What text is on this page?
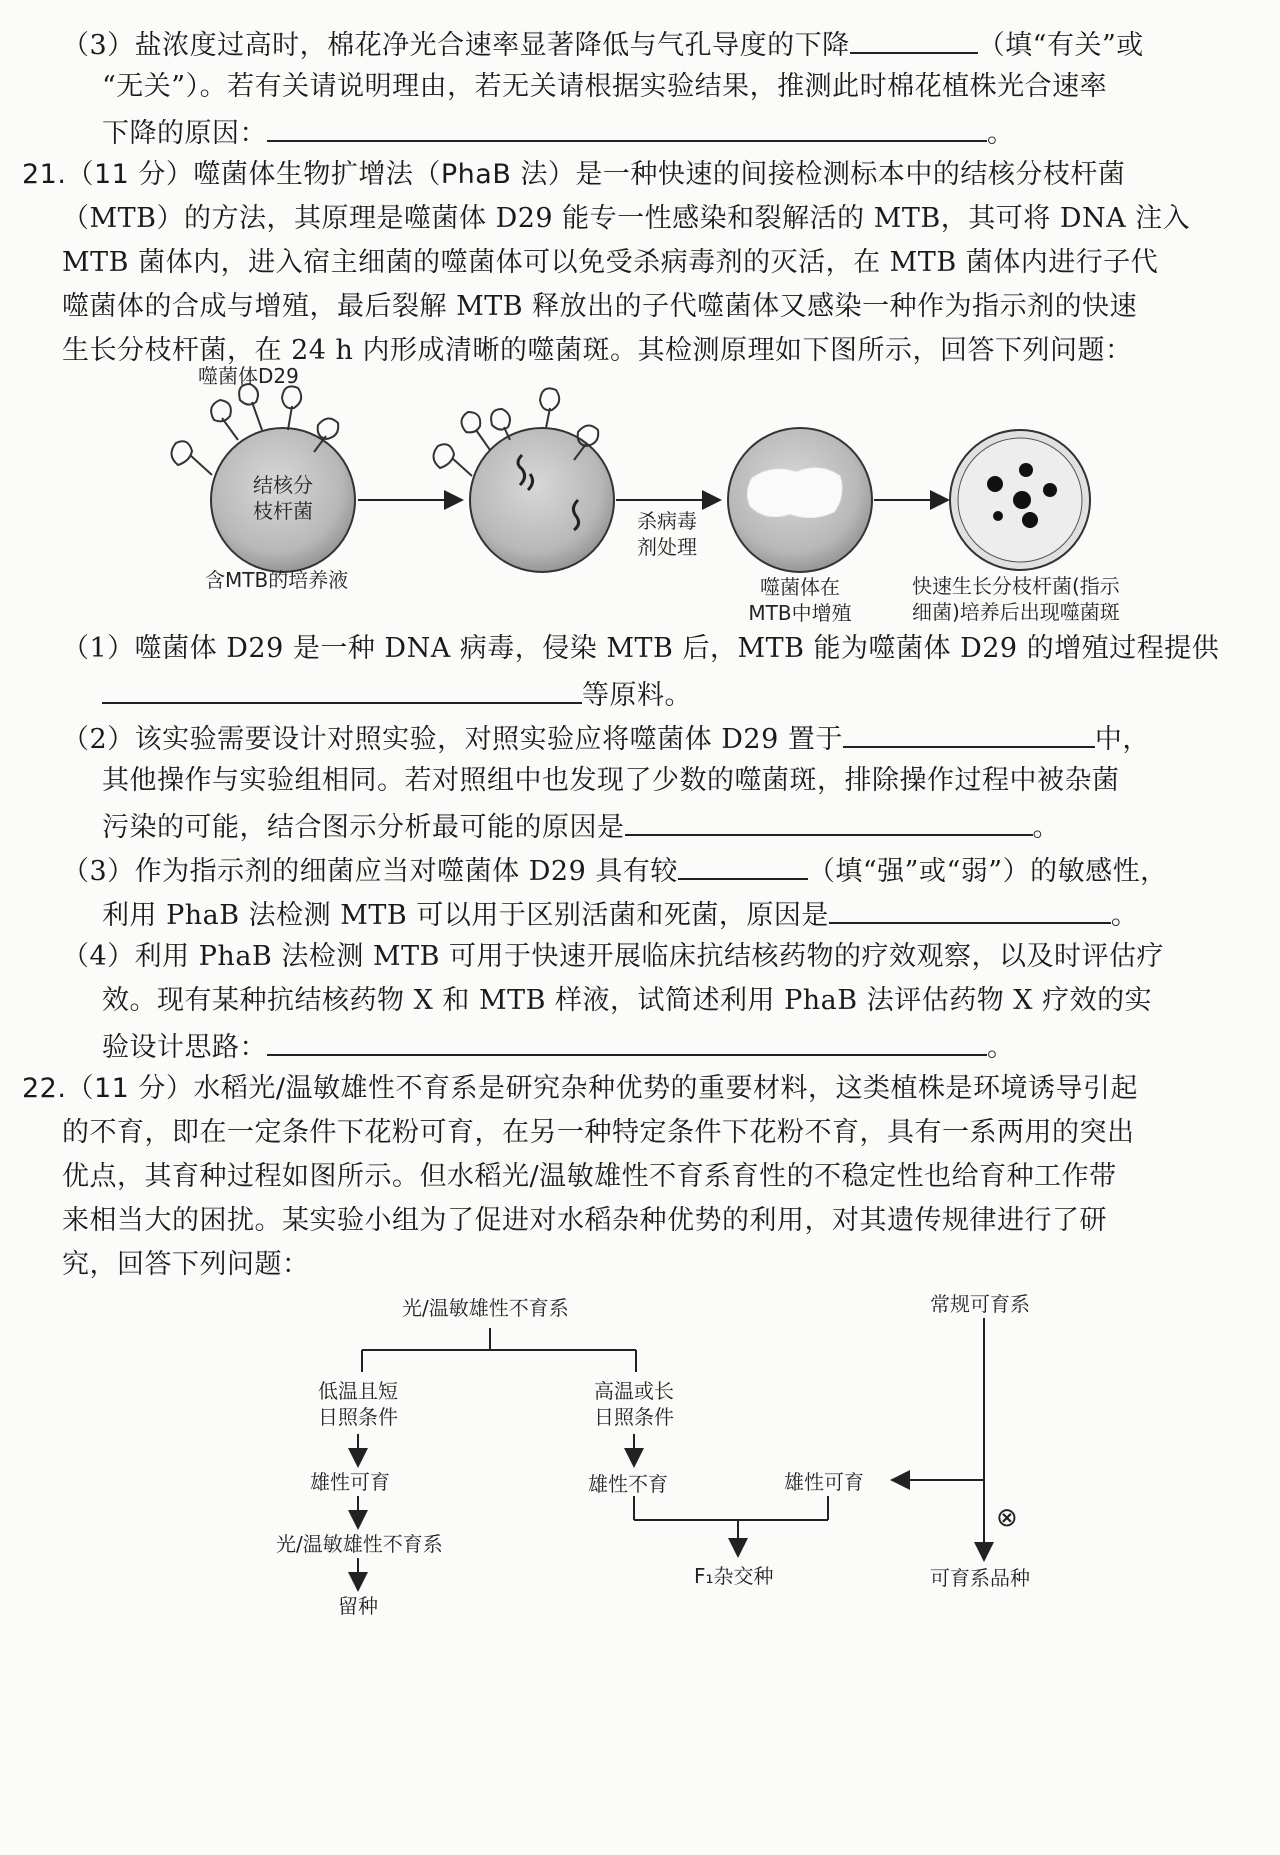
（3）盐浓度过高时，棉花净光合速率显著降低与气孔导度的下降	（填“有关”或
“无关”）。若有关请说明理由，若无关请根据实验结果，推测此时棉花植株光合速率
下降的原因：	。
21.（11 分）噬菌体生物扩增法（PhaB 法）是一种快速的间接检测标本中的结核分枝杆菌
（MTB）的方法，其原理是噬菌体 D29 能专一性感染和裂解活的 MTB，其可将 DNA 注入
MTB 菌体内，进入宿主细菌的噬菌体可以免受杀病毒剂的灭活，在 MTB 菌体内进行子代
噬菌体的合成与增殖，最后裂解 MTB 释放出的子代噬菌体又感染一种作为指示剂的快速
生长分枝杆菌，在 24 h 内形成清晰的噬菌斑。其检测原理如下图所示，回答下列问题：
噬菌体D29
结核分
枝杆菌
含MTB的培养液
杀病毒
剂处理
噬菌体在
MTB中增殖
快速生长分枝杆菌(指示
细菌)培养后出现噬菌斑
（1）噬菌体 D29 是一种 DNA 病毒，侵染 MTB 后，MTB 能为噬菌体 D29 的增殖过程提供
等原料。
（2）该实验需要设计对照实验，对照实验应将噬菌体 D29 置于	中，
其他操作与实验组相同。若对照组中也发现了少数的噬菌斑，排除操作过程中被杂菌
污染的可能，结合图示分析最可能的原因是	。
（3）作为指示剂的细菌应当对噬菌体 D29 具有较	（填“强”或“弱”）的敏感性，
利用 PhaB 法检测 MTB 可以用于区别活菌和死菌，原因是	。
（4）利用 PhaB 法检测 MTB 可用于快速开展临床抗结核药物的疗效观察，以及时评估疗
效。现有某种抗结核药物 X 和 MTB 样液，试简述利用 PhaB 法评估药物 X 疗效的实
验设计思路：	。
22.（11 分）水稻光/温敏雄性不育系是研究杂种优势的重要材料，这类植株是环境诱导引起
的不育，即在一定条件下花粉可育，在另一种特定条件下花粉不育，具有一系两用的突出
优点，其育种过程如图所示。但水稻光/温敏雄性不育系育性的不稳定性也给育种工作带
来相当大的困扰。某实验小组为了促进对水稻杂种优势的利用，对其遗传规律进行了研
究，回答下列问题：
光/温敏雄性不育系
低温且短
日照条件
高温或长
日照条件
雄性可育	雄性不育	雄性可育
光/温敏雄性不育系
留种
F₁杂交种
常规可育系
⊗
可育系品种
